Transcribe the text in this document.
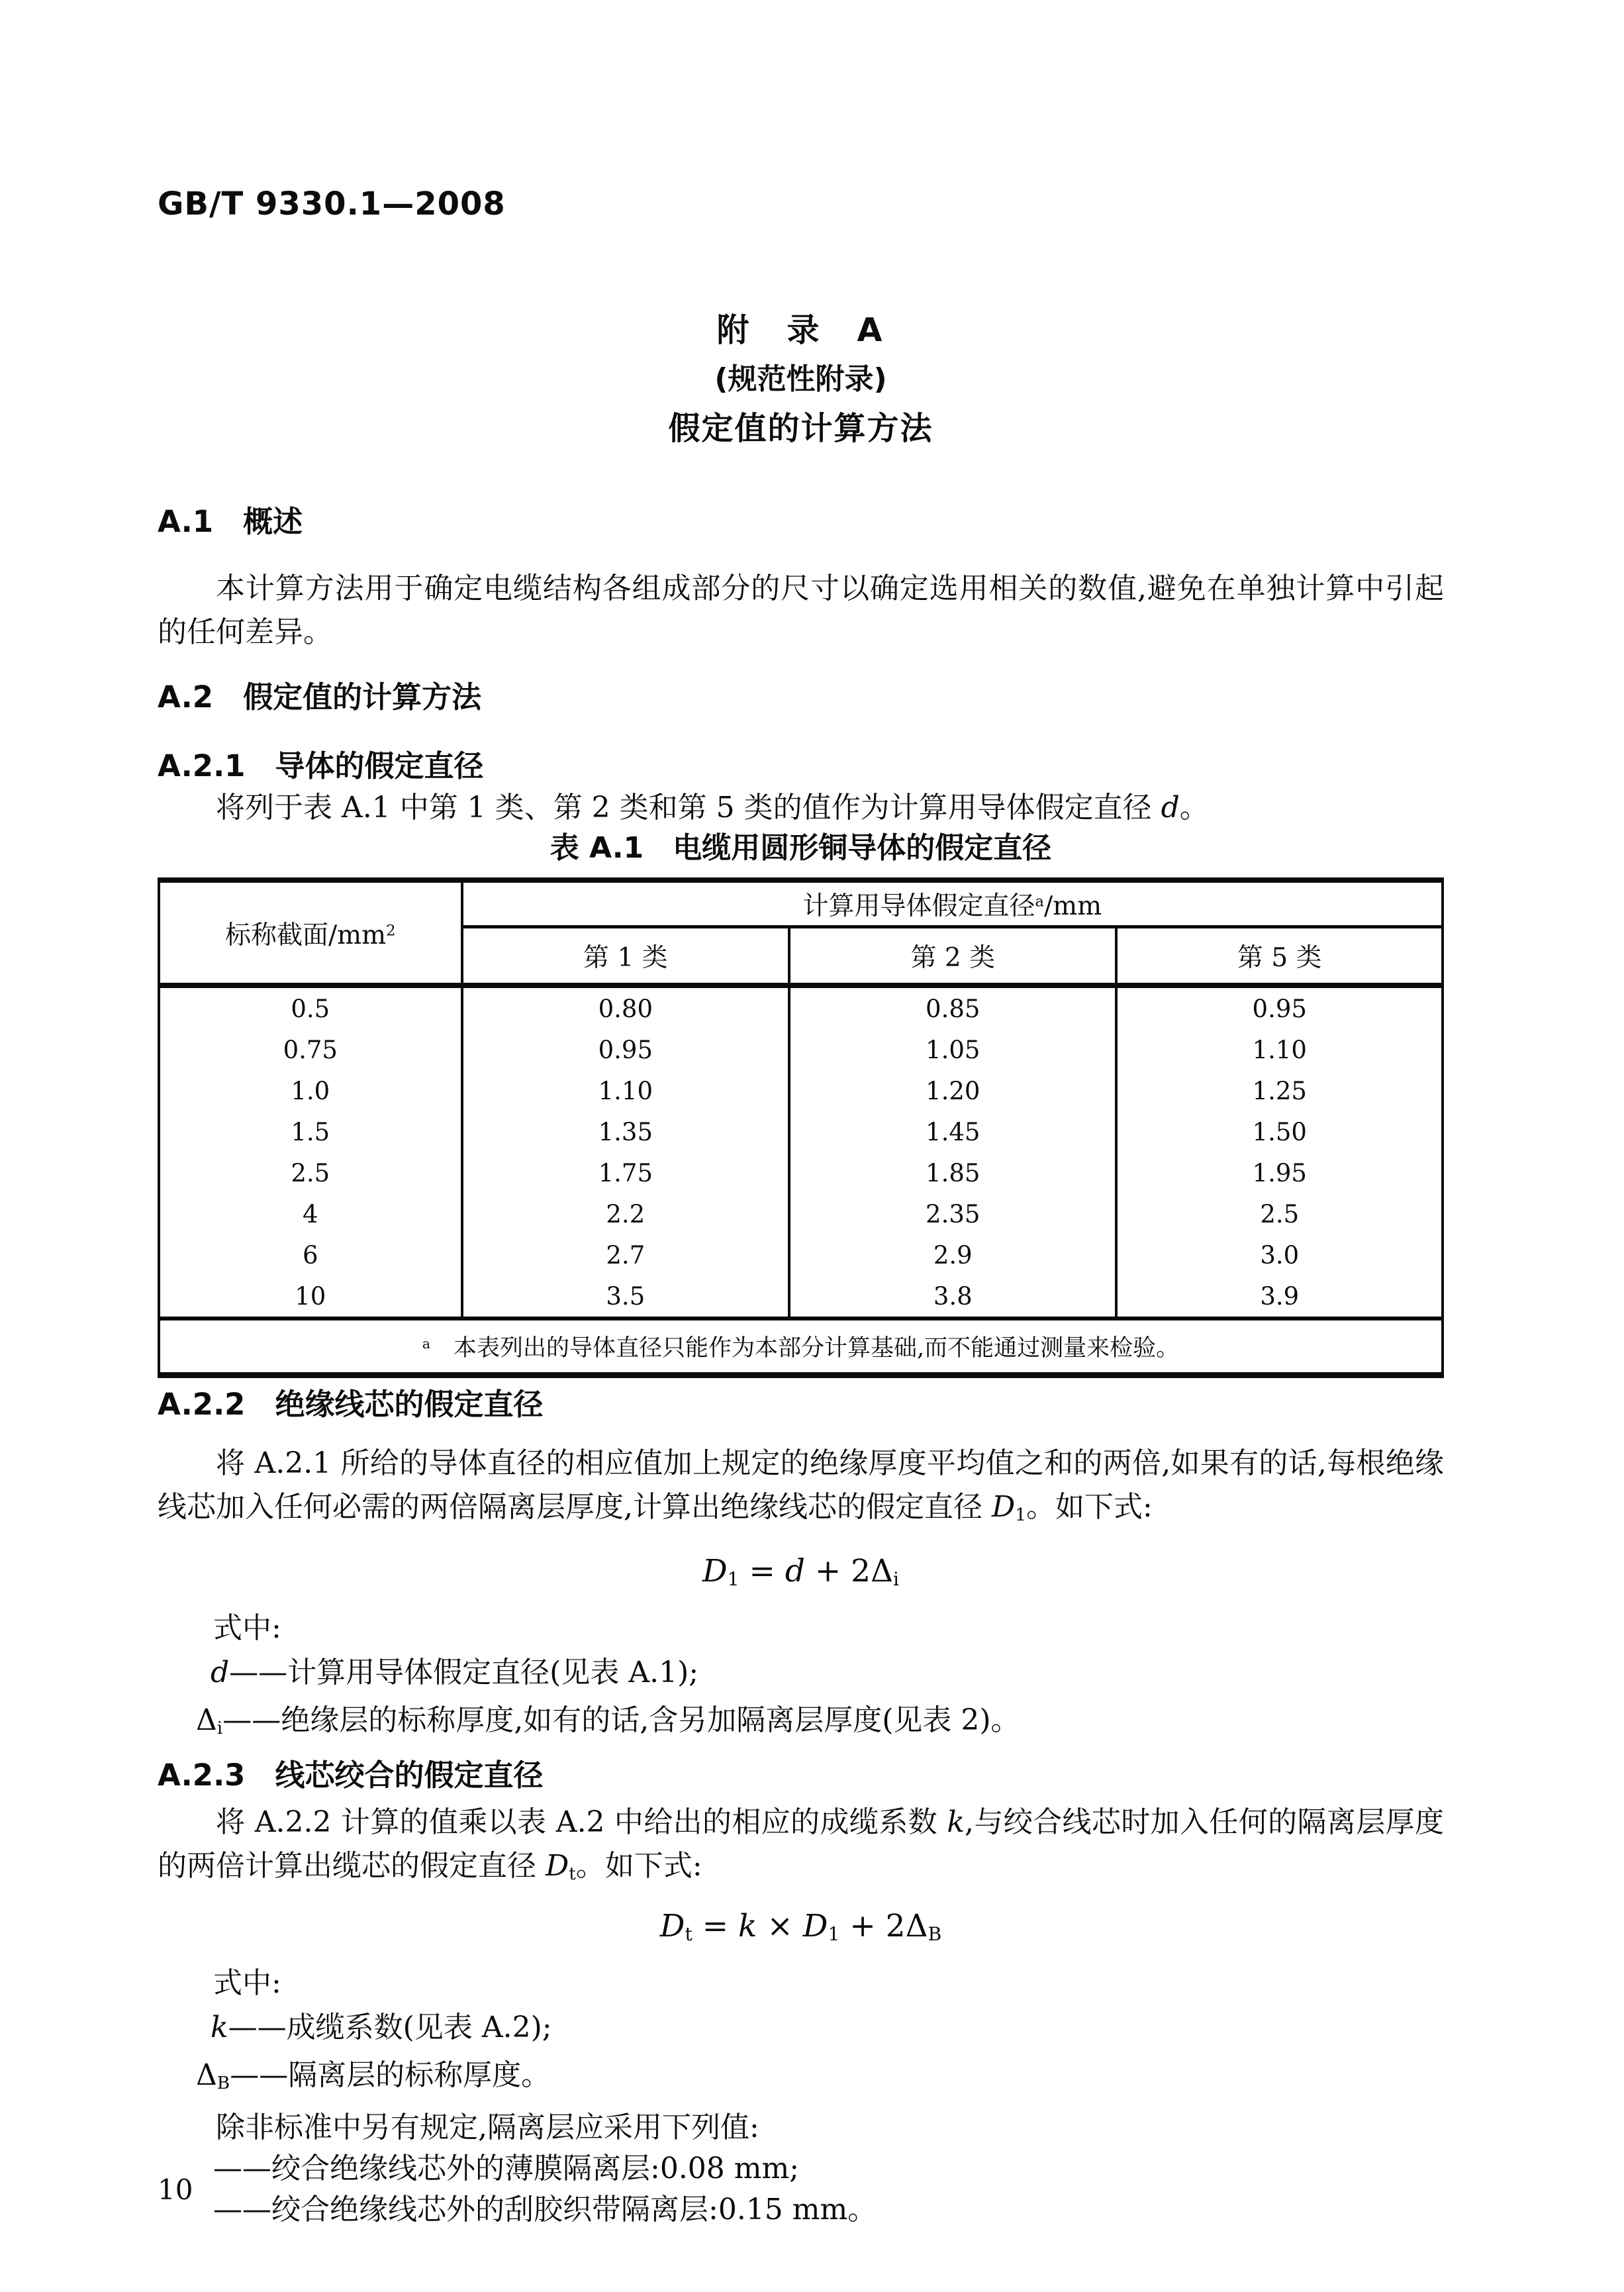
GB/T 9330.1—2008
附　录　A
(规范性附录)
假定值的计算方法
A.1　概述

本计算方法用于确定电缆结构各组成部分的尺寸以确定选用相关的数值,避免在单独计算中引起的任何差异。

A.2　假定值的计算方法
A.2.1　导体的假定直径

将列于表 A.1 中第 1 类、第 2 类和第 5 类的值作为计算用导体假定直径 d。

表 A.1　电缆用圆形铜导体的假定直径
标称截面$/mm^2$	计算用导体假定直径$^a$/mm		
	第 1 类	第 2 类	第 5 类
0.5	0.80	0.85	0.95
0.75	0.95	1.05	1.10
1.0	1.10	1.20	1.25
1.5	1.35	1.45	1.50
2.5	1.75	1.85	1.95
4	2.2	2.35	2.5
6	2.7	2.9	3.0
10	3.5	3.8	3.9
$^a$　本表列出的导体直径只能作为本部分计算基础,而不能通过测量来检验。			
A.2.2　绝缘线芯的假定直径

将 A.2.1 所给的导体直径的相应值加上规定的绝缘厚度平均值之和的两倍,如果有的话,每根绝缘线芯加入任何必需的两倍隔离层厚度,计算出绝缘线芯的假定直径 D1。如下式:

D1 = d + 2Δi
式中:
d——计算用导体假定直径(见表 A.1);
Δi——绝缘层的标称厚度,如有的话,含另加隔离层厚度(见表 2)。
A.2.3　线芯绞合的假定直径

将 A.2.2 计算的值乘以表 A.2 中给出的相应的成缆系数 k,与绞合线芯时加入任何的隔离层厚度的两倍计算出缆芯的假定直径 Dt。如下式:

Dt = k × D1 + 2ΔB
式中:
k——成缆系数(见表 A.2);
ΔB——隔离层的标称厚度。
除非标准中另有规定,隔离层应采用下列值:
——绞合绝缘线芯外的薄膜隔离层:0.08 mm;
——绞合绝缘线芯外的刮胶织带隔离层:0.15 mm。
10
